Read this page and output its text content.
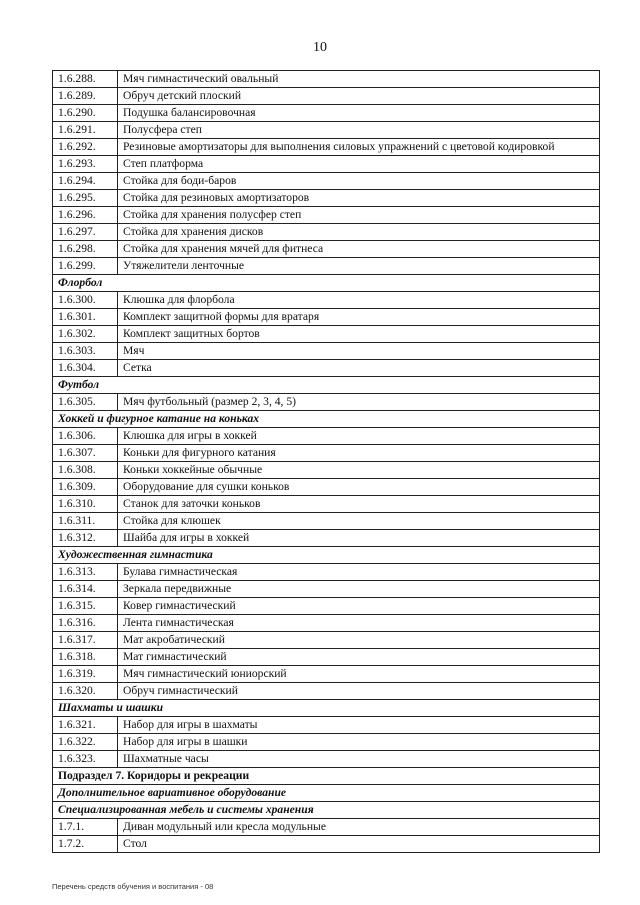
10
1.6.288.	Мяч гимнастический овальный
1.6.289.	Обруч детский плоский
1.6.290.	Подушка балансировочная
1.6.291.	Полусфера степ
1.6.292.	Резиновые амортизаторы для выполнения силовых упражнений с цветовой кодировкой
1.6.293.	Степ платформа
1.6.294.	Стойка для боди-баров
1.6.295.	Стойка для резиновых амортизаторов
1.6.296.	Стойка для хранения полусфер степ
1.6.297.	Стойка для хранения дисков
1.6.298.	Стойка для хранения мячей для фитнеса
1.6.299.	Утяжелители ленточные
Флорбол	
1.6.300.	Клюшка для флорбола
1.6.301.	Комплект защитной формы для вратаря
1.6.302.	Комплект защитных бортов
1.6.303.	Мяч
1.6.304.	Сетка
Футбол	
1.6.305.	Мяч футбольный (размер 2, 3, 4, 5)
Хоккей и фигурное катание на коньках	
1.6.306.	Клюшка для игры в хоккей
1.6.307.	Коньки для фигурного катания
1.6.308.	Коньки хоккейные обычные
1.6.309.	Оборудование для сушки коньков
1.6.310.	Станок для заточки коньков
1.6.311.	Стойка для клюшек
1.6.312.	Шайба для игры в хоккей
Художественная гимнастика	
1.6.313.	Булава гимнастическая
1.6.314.	Зеркала передвижные
1.6.315.	Ковер гимнастический
1.6.316.	Лента гимнастическая
1.6.317.	Мат акробатический
1.6.318.	Мат гимнастический
1.6.319.	Мяч гимнастический юниорский
1.6.320.	Обруч гимнастический
Шахматы и шашки	
1.6.321.	Набор для игры в шахматы
1.6.322.	Набор для игры в шашки
1.6.323.	Шахматные часы
Подраздел 7. Коридоры и рекреации	
Дополнительное вариативное оборудование	
Специализированная мебель и системы хранения	
1.7.1.	Диван модульный или кресла модульные
1.7.2.	Стол
Перечень средств обучения и воспитания - 08
